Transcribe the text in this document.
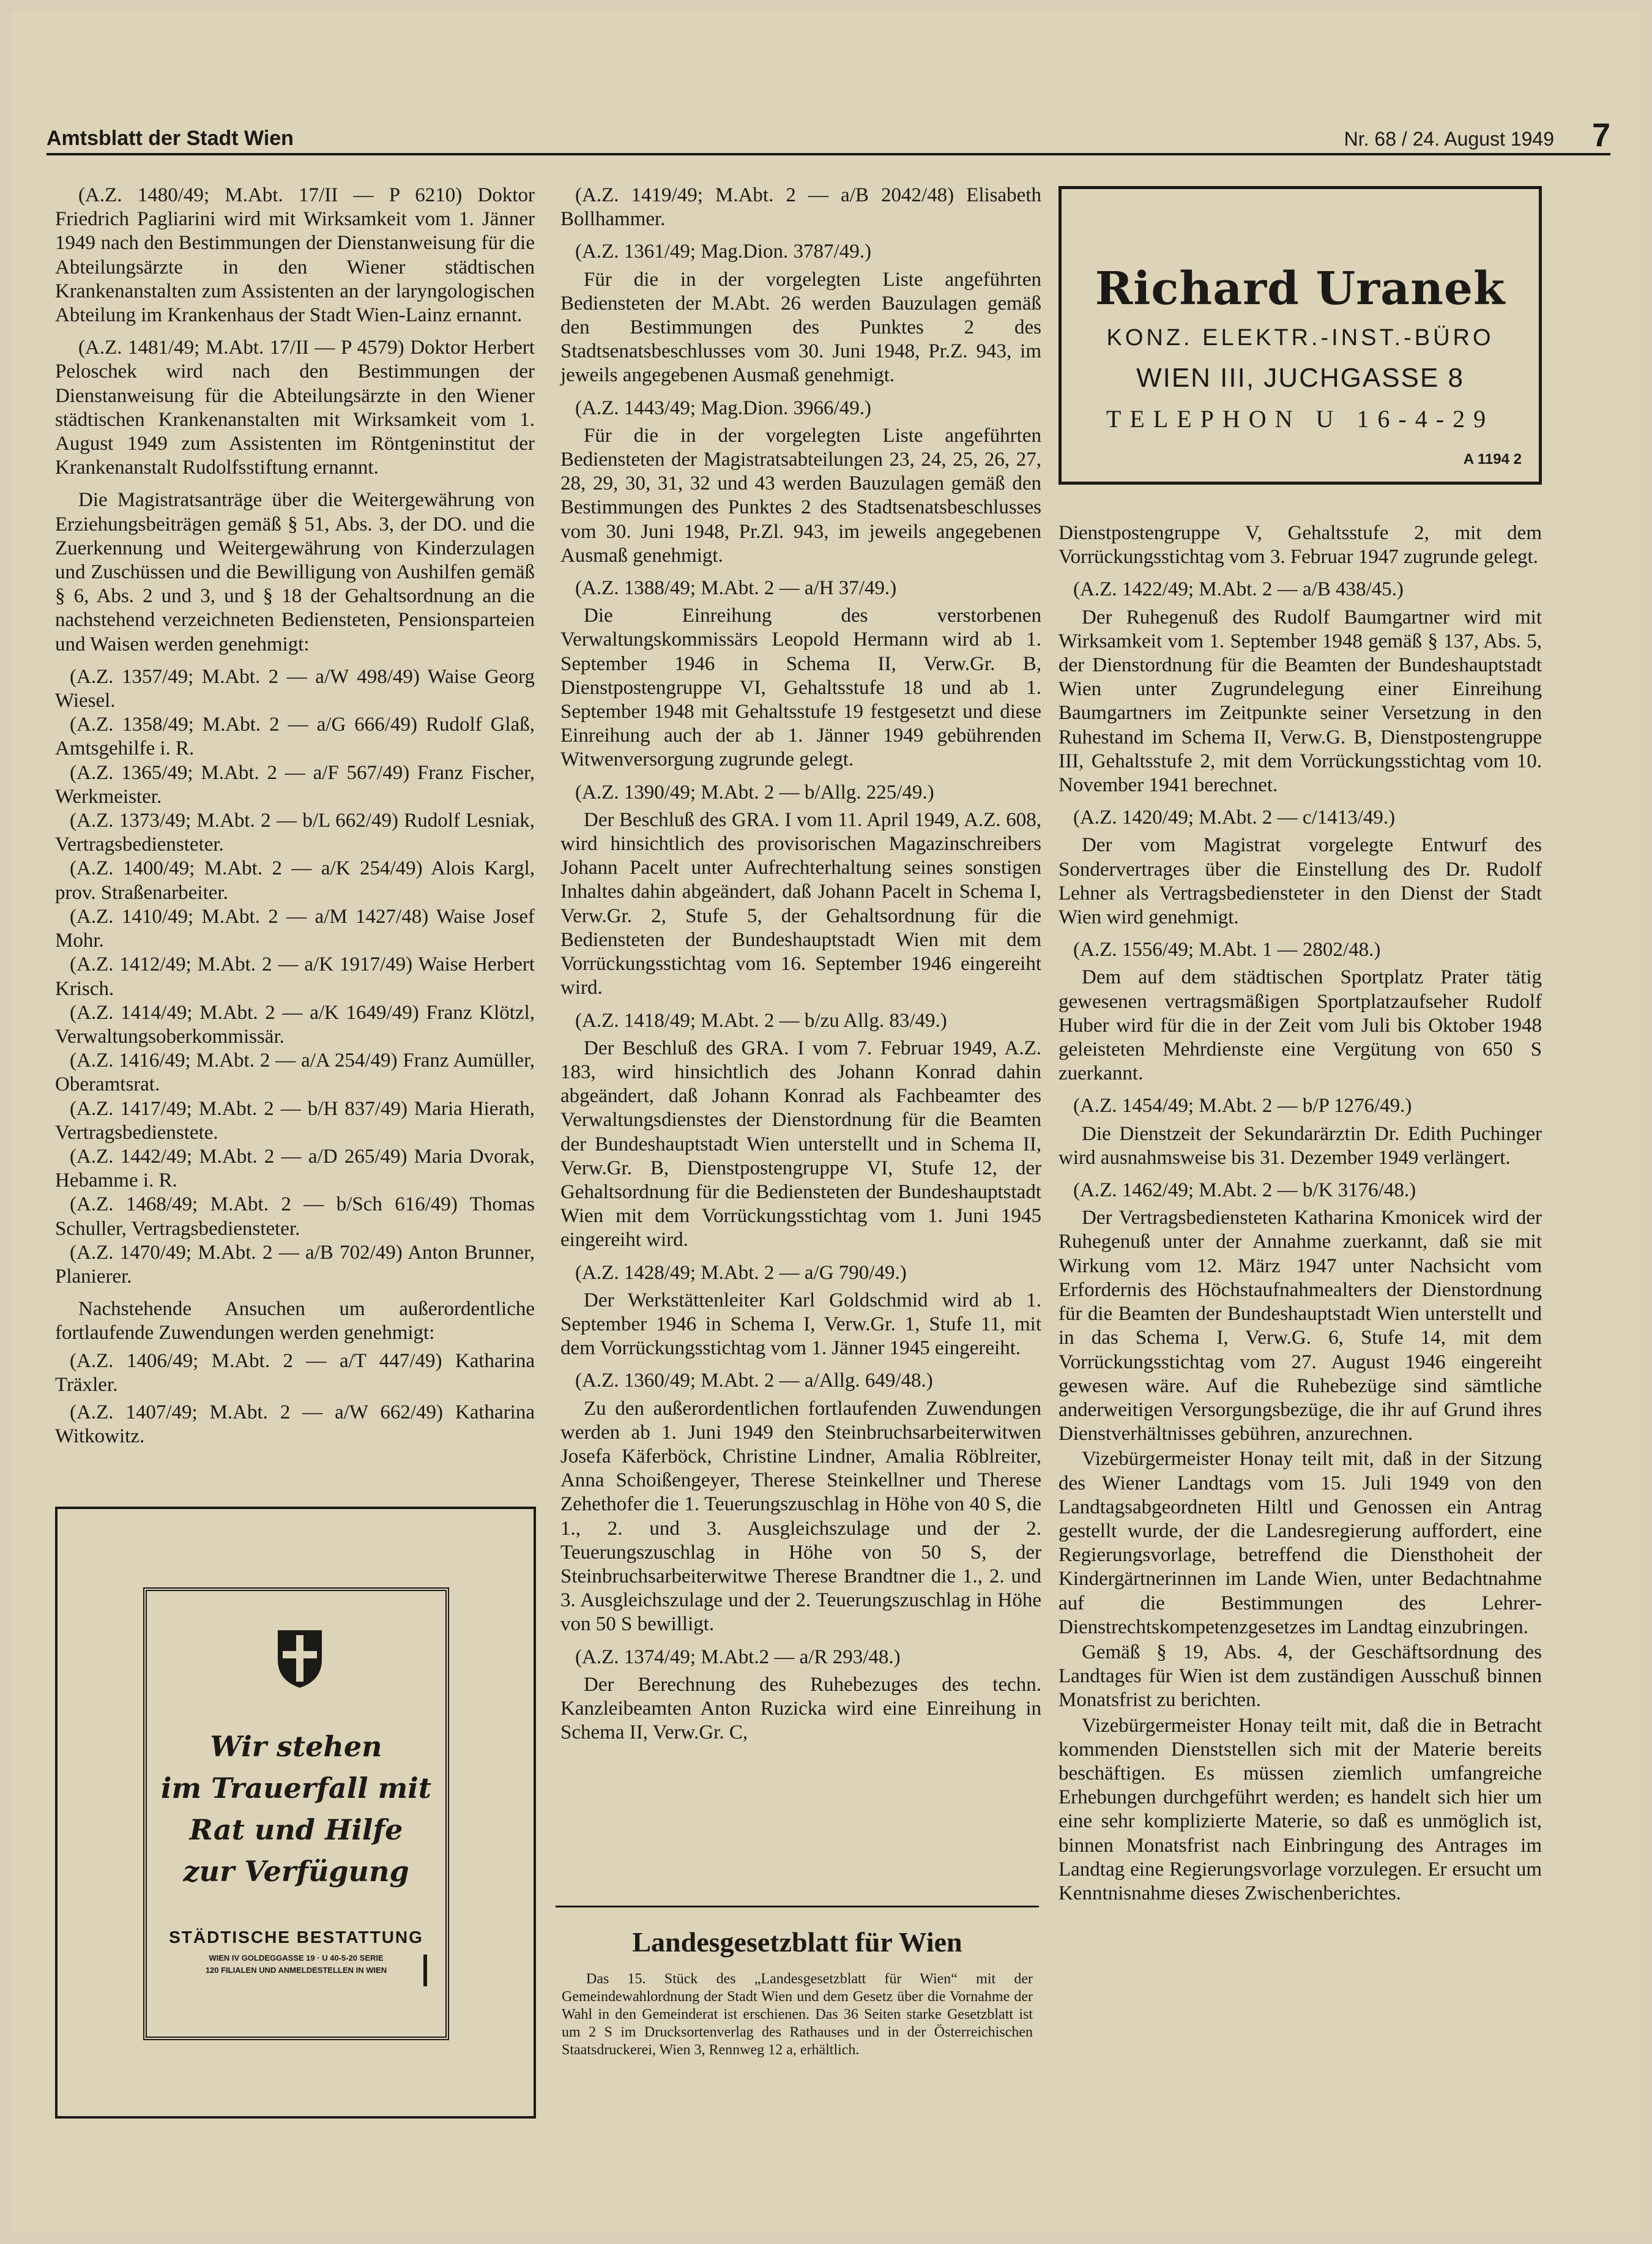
Amtsblatt der Stadt Wien	Nr. 68 / 24. August 1949 7

(A.Z. 1480/49; M.Abt. 17/II — P 6210) Doktor Friedrich Pagliarini wird mit Wirksamkeit vom 1. Jänner 1949 nach den Bestimmungen der Dienstanweisung für die Abteilungsärzte in den Wiener städtischen Krankenanstalten zum Assistenten an der laryngologischen Abteilung im Krankenhaus der Stadt Wien-Lainz ernannt.

(A.Z. 1481/49; M.Abt. 17/II — P 4579) Doktor Herbert Peloschek wird nach den Bestimmungen der Dienstanweisung für die Abteilungsärzte in den Wiener städtischen Krankenanstalten mit Wirksamkeit vom 1. August 1949 zum Assistenten im Röntgeninstitut der Krankenanstalt Rudolfsstiftung ernannt.

Die Magistratsanträge über die Weitergewährung von Erziehungsbeiträgen gemäß § 51, Abs. 3, der DO. und die Zuerkennung und Weitergewährung von Kinderzulagen und Zuschüssen und die Bewilligung von Aushilfen gemäß § 6, Abs. 2 und 3, und § 18 der Gehaltsordnung an die nachstehend verzeichneten Bediensteten, Pensionsparteien und Waisen werden genehmigt:

(A.Z. 1357/49; M.Abt. 2 — a/W 498/49) Waise Georg Wiesel.

(A.Z. 1358/49; M.Abt. 2 — a/G 666/49) Rudolf Glaß, Amtsgehilfe i. R.

(A.Z. 1365/49; M.Abt. 2 — a/F 567/49) Franz Fischer, Werkmeister.

(A.Z. 1373/49; M.Abt. 2 — b/L 662/49) Rudolf Lesniak, Vertragsbediensteter.

(A.Z. 1400/49; M.Abt. 2 — a/K 254/49) Alois Kargl, prov. Straßenarbeiter.

(A.Z. 1410/49; M.Abt. 2 — a/M 1427/48) Waise Josef Mohr.

(A.Z. 1412/49; M.Abt. 2 — a/K 1917/49) Waise Herbert Krisch.

(A.Z. 1414/49; M.Abt. 2 — a/K 1649/49) Franz Klötzl, Verwaltungsoberkommissär.

(A.Z. 1416/49; M.Abt. 2 — a/A 254/49) Franz Aumüller, Oberamtsrat.

(A.Z. 1417/49; M.Abt. 2 — b/H 837/49) Maria Hierath, Vertragsbedienstete.

(A.Z. 1442/49; M.Abt. 2 — a/D 265/49) Maria Dvorak, Hebamme i. R.

(A.Z. 1468/49; M.Abt. 2 — b/Sch 616/49) Thomas Schuller, Vertragsbediensteter.

(A.Z. 1470/49; M.Abt. 2 — a/B 702/49) Anton Brunner, Planierer.

Nachstehende Ansuchen um außerordentliche fortlaufende Zuwendungen werden genehmigt:

(A.Z. 1406/49; M.Abt. 2 — a/T 447/49) Katharina Träxler.

(A.Z. 1407/49; M.Abt. 2 — a/W 662/49) Katharina Witkowitz.

Wir stehen
im Trauerfall mit
Rat und Hilfe
zur Verfügung
STÄDTISCHE BESTATTUNG
WIEN IV GOLDEGGASSE 19 · U 40-5-20 SERIE
120 FILIALEN UND ANMELDESTELLEN IN WIEN

(A.Z. 1419/49; M.Abt. 2 — a/B 2042/48) Elisabeth Bollhammer.

(A.Z. 1361/49; Mag.Dion. 3787/49.)

Für die in der vorgelegten Liste angeführten Bediensteten der M.Abt. 26 werden Bauzulagen gemäß den Bestimmungen des Punktes 2 des Stadtsenatsbeschlusses vom 30. Juni 1948, Pr.Z. 943, im jeweils angegebenen Ausmaß genehmigt.

(A.Z. 1443/49; Mag.Dion. 3966/49.)

Für die in der vorgelegten Liste angeführten Bediensteten der Magistratsabteilungen 23, 24, 25, 26, 27, 28, 29, 30, 31, 32 und 43 werden Bauzulagen gemäß den Bestimmungen des Punktes 2 des Stadtsenatsbeschlusses vom 30. Juni 1948, Pr.Zl. 943, im jeweils angegebenen Ausmaß genehmigt.

(A.Z. 1388/49; M.Abt. 2 — a/H 37/49.)

Die Einreihung des verstorbenen Verwaltungskommissärs Leopold Hermann wird ab 1. September 1946 in Schema II, Verw.Gr. B, Dienstpostengruppe VI, Gehaltsstufe 18 und ab 1. September 1948 mit Gehaltsstufe 19 festgesetzt und diese Einreihung auch der ab 1. Jänner 1949 gebührenden Witwenversorgung zugrunde gelegt.

(A.Z. 1390/49; M.Abt. 2 — b/Allg. 225/49.)

Der Beschluß des GRA. I vom 11. April 1949, A.Z. 608, wird hinsichtlich des provisorischen Magazinschreibers Johann Pacelt unter Aufrechterhaltung seines sonstigen Inhaltes dahin abgeändert, daß Johann Pacelt in Schema I, Verw.Gr. 2, Stufe 5, der Gehaltsordnung für die Bediensteten der Bundeshauptstadt Wien mit dem Vorrückungsstichtag vom 16. September 1946 eingereiht wird.

(A.Z. 1418/49; M.Abt. 2 — b/zu Allg. 83/49.)

Der Beschluß des GRA. I vom 7. Februar 1949, A.Z. 183, wird hinsichtlich des Johann Konrad dahin abgeändert, daß Johann Konrad als Fachbeamter des Verwaltungsdienstes der Dienstordnung für die Beamten der Bundeshauptstadt Wien unterstellt und in Schema II, Verw.Gr. B, Dienstpostengruppe VI, Stufe 12, der Gehaltsordnung für die Bediensteten der Bundeshauptstadt Wien mit dem Vorrückungsstichtag vom 1. Juni 1945 eingereiht wird.

(A.Z. 1428/49; M.Abt. 2 — a/G 790/49.)

Der Werkstättenleiter Karl Goldschmid wird ab 1. September 1946 in Schema I, Verw.Gr. 1, Stufe 11, mit dem Vorrückungsstichtag vom 1. Jänner 1945 eingereiht.

(A.Z. 1360/49; M.Abt. 2 — a/Allg. 649/48.)

Zu den außerordentlichen fortlaufenden Zuwendungen werden ab 1. Juni 1949 den Steinbruchsarbeiterwitwen Josefa Käferböck, Christine Lindner, Amalia Röblreiter, Anna Schoißengeyer, Therese Steinkellner und Therese Zehethofer die 1. Teuerungszuschlag in Höhe von 40 S, die 1., 2. und 3. Ausgleichszulage und der 2. Teuerungszuschlag in Höhe von 50 S, der Steinbruchsarbeiterwitwe Therese Brandtner die 1., 2. und 3. Ausgleichszulage und der 2. Teuerungszuschlag in Höhe von 50 S bewilligt.

(A.Z. 1374/49; M.Abt.2 — a/R 293/48.)

Der Berechnung des Ruhebezuges des techn. Kanzleibeamten Anton Ruzicka wird eine Einreihung in Schema II, Verw.Gr. C,

Landesgesetzblatt für Wien
Das 15. Stück des „Landesgesetzblatt für Wien“ mit der Gemeindewahlordnung der Stadt Wien und dem Gesetz über die Vornahme der Wahl in den Gemeinderat ist erschienen. Das 36 Seiten starke Gesetzblatt ist um 2 S im Drucksortenverlag des Rathauses und in der Österreichischen Staatsdruckerei, Wien 3, Rennweg 12 a, erhältlich.
Richard Uranek
KONZ. ELEKTR.-INST.-BÜRO
WIEN III, JUCHGASSE 8
TELEPHON U 16-4-29
A 1194 2

Dienstpostengruppe V, Gehaltsstufe 2, mit dem Vorrückungsstichtag vom 3. Februar 1947 zugrunde gelegt.

(A.Z. 1422/49; M.Abt. 2 — a/B 438/45.)

Der Ruhegenuß des Rudolf Baumgartner wird mit Wirksamkeit vom 1. September 1948 gemäß § 137, Abs. 5, der Dienstordnung für die Beamten der Bundeshauptstadt Wien unter Zugrundelegung einer Einreihung Baumgartners im Zeitpunkte seiner Versetzung in den Ruhestand im Schema II, Verw.G. B, Dienstpostengruppe III, Gehaltsstufe 2, mit dem Vorrückungsstichtag vom 10. November 1941 berechnet.

(A.Z. 1420/49; M.Abt. 2 — c/1413/49.)

Der vom Magistrat vorgelegte Entwurf des Sondervertrages über die Einstellung des Dr. Rudolf Lehner als Vertragsbediensteter in den Dienst der Stadt Wien wird genehmigt.

(A.Z. 1556/49; M.Abt. 1 — 2802/48.)

Dem auf dem städtischen Sportplatz Prater tätig gewesenen vertragsmäßigen Sportplatzaufseher Rudolf Huber wird für die in der Zeit vom Juli bis Oktober 1948 geleisteten Mehrdienste eine Vergütung von 650 S zuerkannt.

(A.Z. 1454/49; M.Abt. 2 — b/P 1276/49.)

Die Dienstzeit der Sekundarärztin Dr. Edith Puchinger wird ausnahmsweise bis 31. Dezember 1949 verlängert.

(A.Z. 1462/49; M.Abt. 2 — b/K 3176/48.)

Der Vertragsbediensteten Katharina Kmonicek wird der Ruhegenuß unter der Annahme zuerkannt, daß sie mit Wirkung vom 12. März 1947 unter Nachsicht vom Erfordernis des Höchstaufnahmealters der Dienstordnung für die Beamten der Bundeshauptstadt Wien unterstellt und in das Schema I, Verw.G. 6, Stufe 14, mit dem Vorrückungsstichtag vom 27. August 1946 eingereiht gewesen wäre. Auf die Ruhebezüge sind sämtliche anderweitigen Versorgungsbezüge, die ihr auf Grund ihres Dienstverhältnisses gebühren, anzurechnen.

Vizebürgermeister Honay teilt mit, daß in der Sitzung des Wiener Landtags vom 15. Juli 1949 von den Landtagsabgeordneten Hiltl und Genossen ein Antrag gestellt wurde, der die Landesregierung auffordert, eine Regierungsvorlage, betreffend die Diensthoheit der Kindergärtnerinnen im Lande Wien, unter Bedachtnahme auf die Bestimmungen des Lehrer-Dienstrechtskompetenzgesetzes im Landtag einzubringen.

Gemäß § 19, Abs. 4, der Geschäftsordnung des Landtages für Wien ist dem zuständigen Ausschuß binnen Monatsfrist zu berichten.

Vizebürgermeister Honay teilt mit, daß die in Betracht kommenden Dienststellen sich mit der Materie bereits beschäftigen. Es müssen ziemlich umfangreiche Erhebungen durchgeführt werden; es handelt sich hier um eine sehr komplizierte Materie, so daß es unmöglich ist, binnen Monatsfrist nach Einbringung des Antrages im Landtag eine Regierungsvorlage vorzulegen. Er ersucht um Kenntnisnahme dieses Zwischenberichtes.
